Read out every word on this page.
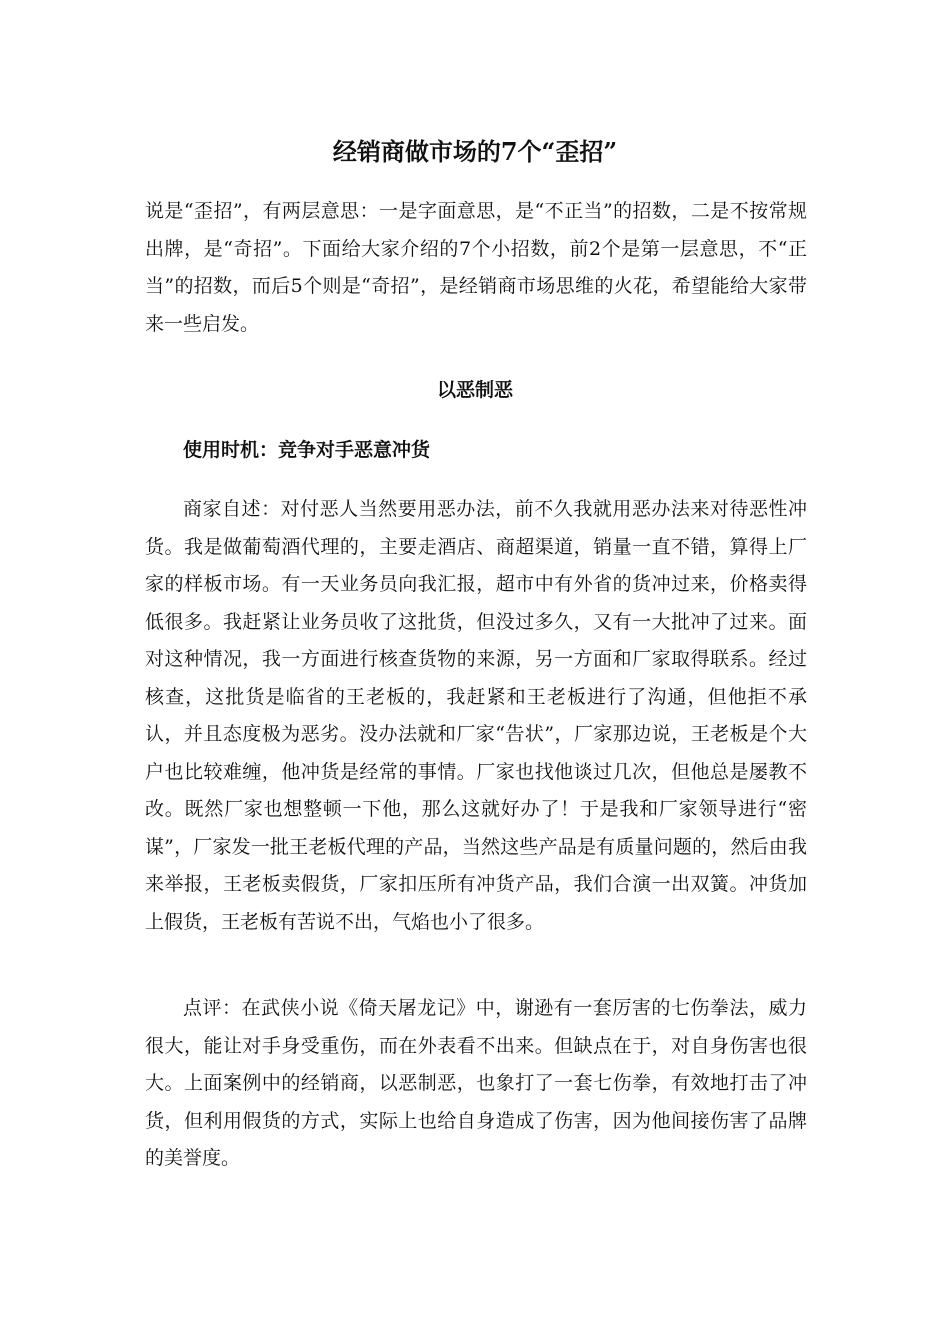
经销商做市场的7个“歪招”

说是“歪招”，有两层意思：一是字面意思，是“不正当”的招数，二是不按常规出牌，是“奇招”。下面给大家介绍的7个小招数，前2个是第一层意思，不“正当”的招数，而后5个则是“奇招”，是经销商市场思维的火花，希望能给大家带来一些启发。

以恶制恶

使用时机：竞争对手恶意冲货

商家自述：对付恶人当然要用恶办法，前不久我就用恶办法来对待恶性冲货。我是做葡萄酒代理的，主要走酒店、商超渠道，销量一直不错，算得上厂家的样板市场。有一天业务员向我汇报，超市中有外省的货冲过来，价格卖得低很多。我赶紧让业务员收了这批货，但没过多久，又有一大批冲了过来。面对这种情况，我一方面进行核查货物的来源，另一方面和厂家取得联系。经过核查，这批货是临省的王老板的，我赶紧和王老板进行了沟通，但他拒不承认，并且态度极为恶劣。没办法就和厂家“告状”，厂家那边说，王老板是个大户也比较难缠，他冲货是经常的事情。厂家也找他谈过几次，但他总是屡教不改。既然厂家也想整顿一下他，那么这就好办了！于是我和厂家领导进行“密谋”，厂家发一批王老板代理的产品，当然这些产品是有质量问题的，然后由我来举报，王老板卖假货，厂家扣压所有冲货产品，我们合演一出双簧。冲货加上假货，王老板有苦说不出，气焰也小了很多。

点评：在武侠小说《倚天屠龙记》中，谢逊有一套厉害的七伤拳法，威力很大，能让对手身受重伤，而在外表看不出来。但缺点在于，对自身伤害也很大。上面案例中的经销商，以恶制恶，也象打了一套七伤拳，有效地打击了冲货，但利用假货的方式，实际上也给自身造成了伤害，因为他间接伤害了品牌的美誉度。
